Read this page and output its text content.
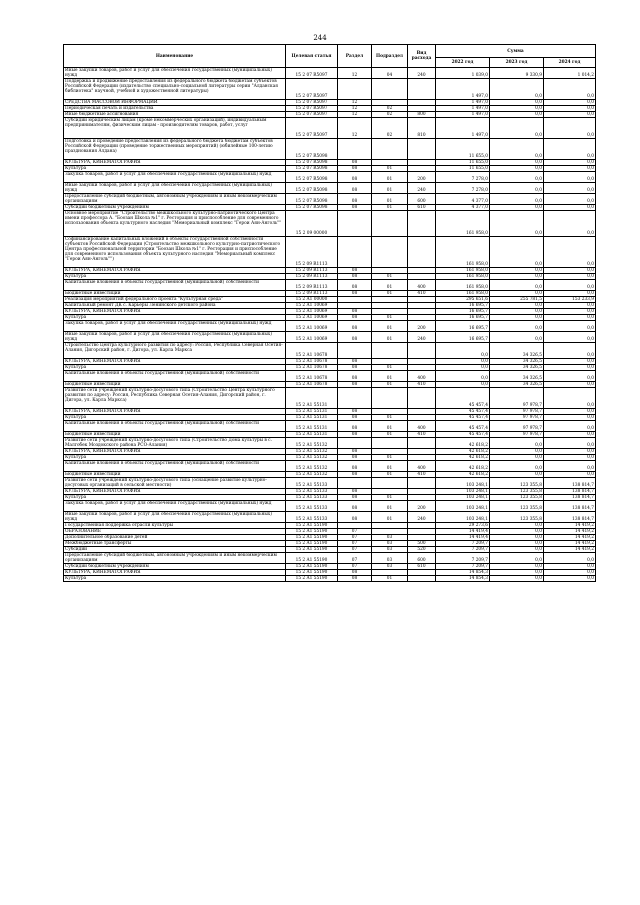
244
Наименование	Целевая статья	Раздел	Подраздел	Вид расхода	Сумма		
					2022 год	2023 год	2024 год
Иные закупки товаров, работ и услуг для обеспечения государственных (муниципальных) нужд	15 2 07 R5097	12	04	240	1 039,0	9 330,9	1 014,2
Поддержка и продвижение предоставления из федерального бюджета бюджетам субъектов Российской Федерации (издательство специально-социальной литературы серии "Алданская библиотека" научной, учебной и художественной литературы)	15 2 07 R5097				1 497,0	0,0	0,0
СРЕДСТВА МАССОВОЙ ИНФОРМАЦИИ	15 2 07 R5097	12			1 497,0	0,0	0,0
Периодическая печать и издательства	15 2 07 R5097	12	02		1 497,0	0,0	0,0
Иные бюджетные ассигнования	15 2 07 R5097	12	02	800	1 497,0	0,0	0,0
Субсидии юридическим лицам (кроме некоммерческих организаций), индивидуальным предпринимателям, физическим лицам - производителям товаров, работ, услуг	15 2 07 R5097	12	02	810	1 497,0	0,0	0,0
Подготовка и проведение предоставления из федерального бюджета бюджетам субъектов Российской Федерации (проведение торжественных мероприятий) (юбилейные 100-летию празднования Алдана)	15 2 07 R5098				11 655,0	0,0	0,0
КУЛЬТУРА, КИНЕМАТОГРАФИЯ	15 2 07 R5098	08			11 655,0	0,0	0,0
Культура	15 2 07 R5098	08	01		11 655,0	0,0	0,0
Закупка товаров, работ и услуг для обеспечения государственных (муниципальных) нужд	15 2 07 R5098	08	01	200	7 278,0	0,0	0,0
Иные закупки товаров, работ и услуг для обеспечения государственных (муниципальных) нужд	15 2 07 R5098	08	01	240	7 278,0	0,0	0,0
Предоставление субсидий бюджетным, автономным учреждениям и иным некоммерческим организациям	15 2 07 R5098	08	01	600	4 377,0	0,0	0,0
Субсидии бюджетным учреждениям	15 2 07 R5098	08	01	610	4 377,0	0,0	0,0
Основное мероприятие "Строительство межшкольного культурно-патриотического Центра имени профессора А. "Боозан Школа №1" г. Ресторация и приспособление для современного использования объекта культурного наследия "Мемориальный комплекс "Герои Аян-Анголь""	15 2 09 00000				161 958,0	0,0	0,0
Софинансирование капитальных вложений в объекты государственной собственности субъектов Российской Федерации (Строительство межшкольного культурно-патриотического Центра профессиональной территории "Боозан Школа №1" г. Ресторация и приспособление для современного использования объекта культурного наследия "Мемориальный комплекс "Герои Аян-Анголь"")	15 2 09 R1113				161 958,0	0,0	0,0
КУЛЬТУРА, КИНЕМАТОГРАФИЯ	15 2 09 R1113	08			161 958,0	0,0	0,0
Культура	15 2 09 R1113	08	01		161 958,0	0,0	0,0
Капитальные вложения в объекты государственной (муниципальной) собственности	15 2 09 R1113	08	01	400	161 958,0	0,0	0,0
Бюджетные инвестиции	15 2 09 R1113	08	01	410	161 958,0	0,0	0,0
Реализация мероприятий федерального проекта "Культурная среда"	15 2 A1 00000				295 651,6	255 781,5	153 233,9
Капитальный ремонт ДК с. Карьеры Ленинского детского района	15 2 A1 10069				16 695,7	0,0	0,0
КУЛЬТУРА, КИНЕМАТОГРАФИЯ	15 2 A1 10069	08			16 695,7	0,0	0,0
Культура	15 2 A1 10069	08	01		16 695,7	0,0	0,0
Закупка товаров, работ и услуг для обеспечения государственных (муниципальных) нужд	15 2 A1 10069	08	01	200	16 695,7	0,0	0,0
Иные закупки товаров, работ и услуг для обеспечения государственных (муниципальных) нужд	15 2 A1 10069	08	01	240	16 695,7	0,0	0,0
Строительство Центра культурного развития по адресу: Россия, Республика Северная Осетия-Алания, Дигорский район, г. Дигора, ул. Карла Маркса	15 2 A1 10678				0,0	34 326,5	0,0
КУЛЬТУРА, КИНЕМАТОГРАФИЯ	15 2 A1 10678	08			0,0	34 326,5	0,0
Культура	15 2 A1 10678	08	01		0,0	34 326,5	0,0
Капитальные вложения в объекты государственной (муниципальной) собственности	15 2 A1 10678	08	01	400	0,0	34 326,5	0,0
Бюджетные инвестиции	15 2 A1 10678	08	01	410	0,0	34 326,5	0,0
Развитие сети учреждений культурно-досугового типа (Строительство Центра культурного развития по адресу: Россия, Республика Северная Осетия-Алания, Дигорский район, г. Дигора, ул. Карла Маркса)	15 2 A1 55131				45 457,4	97 978,7	0,0
КУЛЬТУРА, КИНЕМАТОГРАФИЯ	15 2 A1 55131	08			45 457,4	97 978,7	0,0
Культура	15 2 A1 55131	08	01		45 457,4	97 978,7	0,0
Капитальные вложения в объекты государственной (муниципальной) собственности	15 2 A1 55131	08	01	400	45 457,4	97 978,7	0,0
Бюджетные инвестиции	15 2 A1 55131	08	01	410	45 457,4	97 978,7	0,0
Развитие сети учреждений культурно-досугового типа (Строительство Дома культуры в с. Малгобек Моздокского района РСО-Алания)	15 2 A1 55132				42 618,2	0,0	0,0
КУЛЬТУРА, КИНЕМАТОГРАФИЯ	15 2 A1 55132	08			42 618,2	0,0	0,0
Культура	15 2 A1 55132	08	01		42 618,2	0,0	0,0
Капитальные вложения в объекты государственной (муниципальной) собственности	15 2 A1 55132	08	01	400	42 618,2	0,0	0,0
Бюджетные инвестиции	15 2 A1 55132	08	01	410	42 618,2	0,0	0,0
Развитие сети учреждений культурно-досугового типа (оснащение развитие культурно-досуговых организаций в сельской местности)	15 2 A1 55133				103 248,1	123 355,8	138 814,7
КУЛЬТУРА, КИНЕМАТОГРАФИЯ	15 2 A1 55133	08			103 248,1	123 355,8	138 814,7
Культура	15 2 A1 55133	08	01		103 248,1	123 355,8	138 814,7
Закупка товаров, работ и услуг для обеспечения государственных (муниципальных) нужд	15 2 A1 55133	08	01	200	103 248,1	123 355,8	138 814,7
Иные закупки товаров, работ и услуг для обеспечения государственных (муниципальных) нужд	15 2 A1 55133	08	01	240	103 248,1	123 355,8	138 814,7
Государственная поддержка отрасли культуры	15 2 A1 55190				29 273,6	0,0	14 419,2
ОБРАЗОВАНИЕ	15 2 A1 55190	07			14 419,4	0,0	14 419,2
Дополнительное образование детей	15 2 A1 55190	07	03		14 419,4	0,0	14 419,2
Межбюджетные трансферты	15 2 A1 55190	07	03	500	7 209,7	0,0	14 419,2
Субсидии	15 2 A1 55190	07	03	520	7 209,7	0,0	14 419,2
Предоставление субсидий бюджетным, автономным учреждениям и иным некоммерческим организациям	15 2 A1 55190	07	03	600	7 209,7	0,0	0,0
Субсидии бюджетным учреждениям	15 2 A1 55190	07	03	610	7 209,7	0,0	0,0
КУЛЬТУРА, КИНЕМАТОГРАФИЯ	15 2 A1 55190	08			14 854,3	0,0	0,0
Культура	15 2 A1 55190	08	01		14 854,3	0,0	0,0
